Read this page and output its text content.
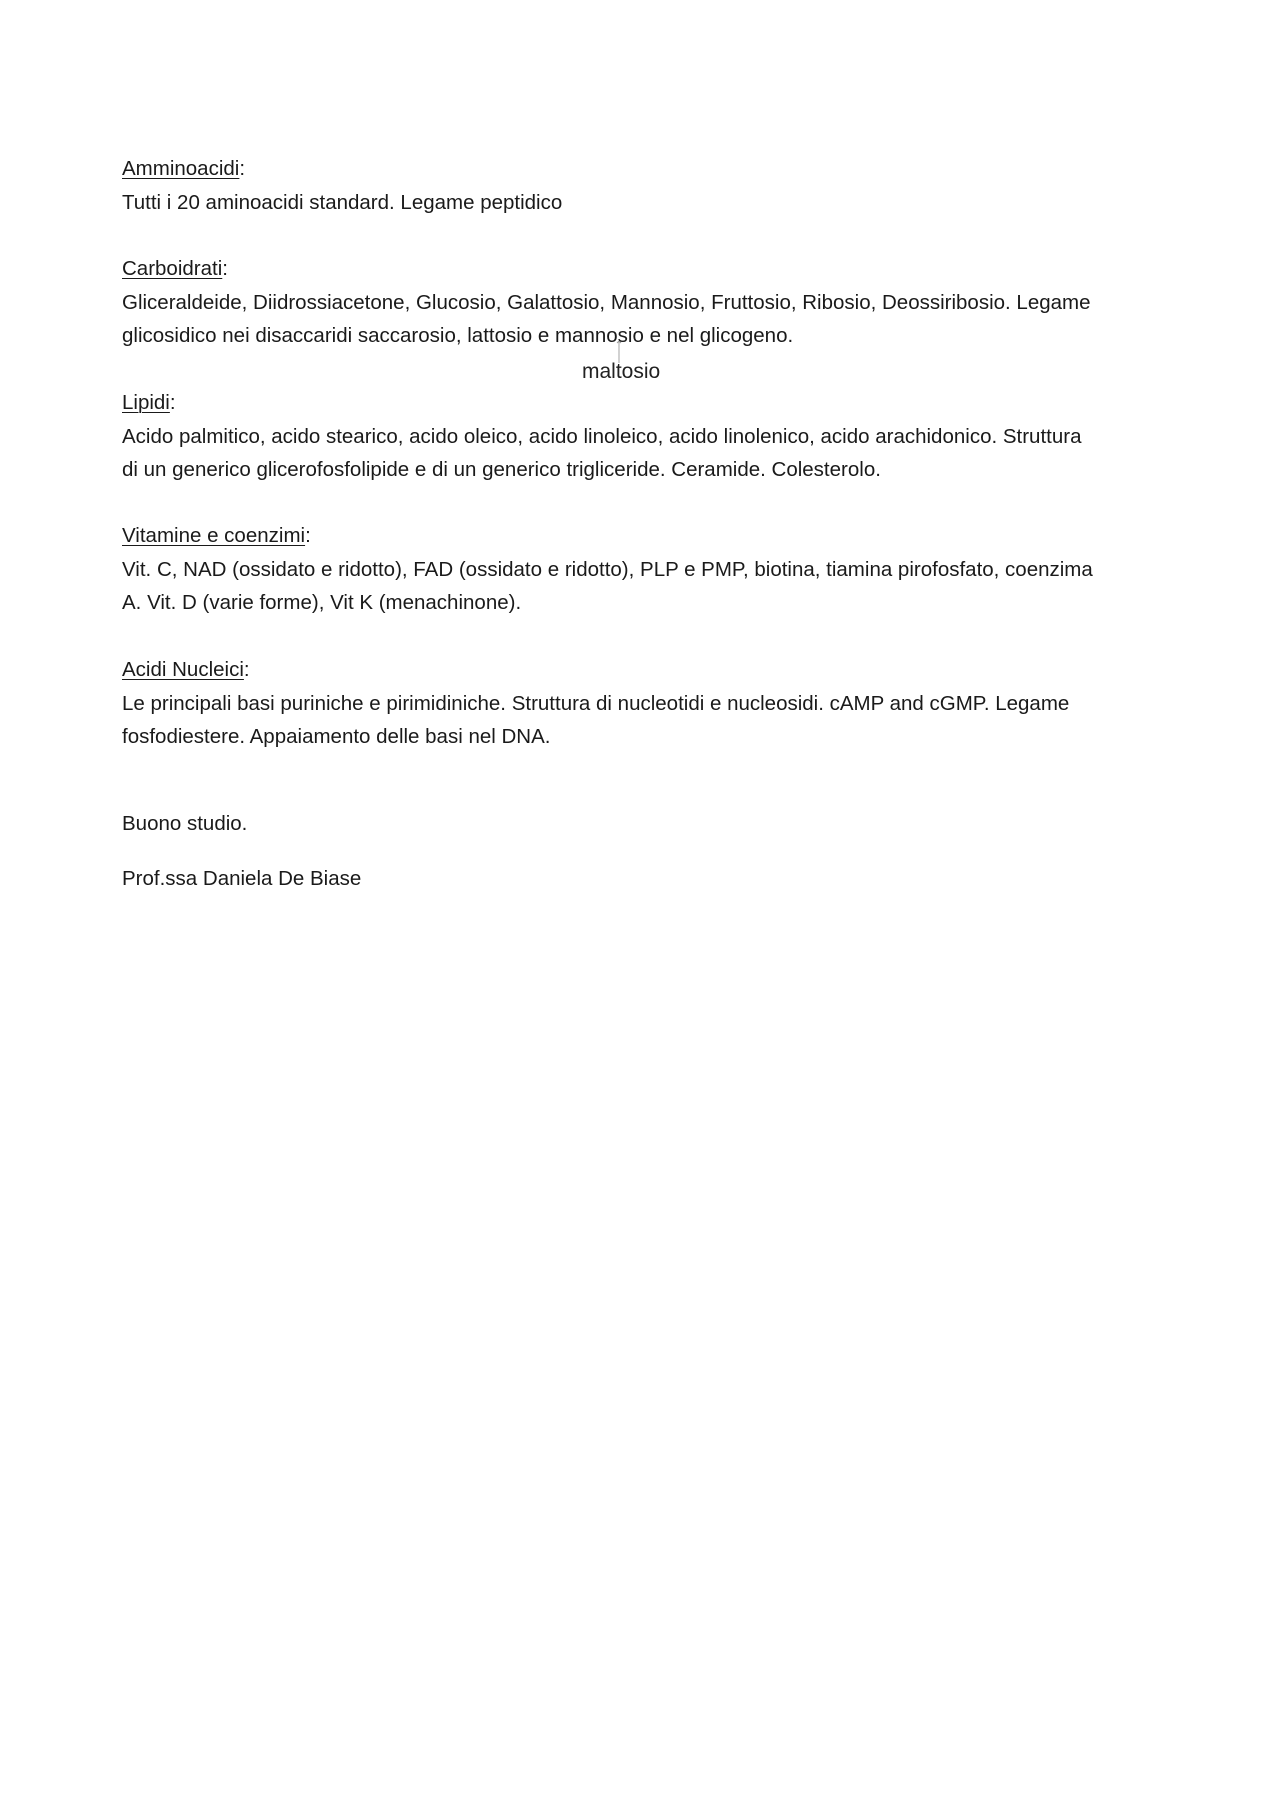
Amminoacidi:
Tutti i 20 aminoacidi standard. Legame peptidico
Carboidrati:
Gliceraldeide, Diidrossiacetone, Glucosio, Galattosio, Mannosio, Fruttosio, Ribosio, Deossiribosio. Legame
glicosidico nei disaccaridi saccarosio, lattosio e mannosio e nel glicogeno.
maltosio
Lipidi:
Acido palmitico, acido stearico, acido oleico, acido linoleico, acido linolenico, acido arachidonico. Struttura
di un generico glicerofosfolipide e di un generico trigliceride. Ceramide. Colesterolo.
Vitamine e coenzimi:
Vit. C, NAD (ossidato e ridotto), FAD (ossidato e ridotto), PLP e PMP, biotina, tiamina pirofosfato, coenzima
A. Vit. D (varie forme), Vit K (menachinone).
Acidi Nucleici:
Le principali basi puriniche e pirimidiniche. Struttura di nucleotidi e nucleosidi. cAMP and cGMP. Legame
fosfodiestere. Appaiamento delle basi nel DNA.
Buono studio.
Prof.ssa Daniela De Biase
